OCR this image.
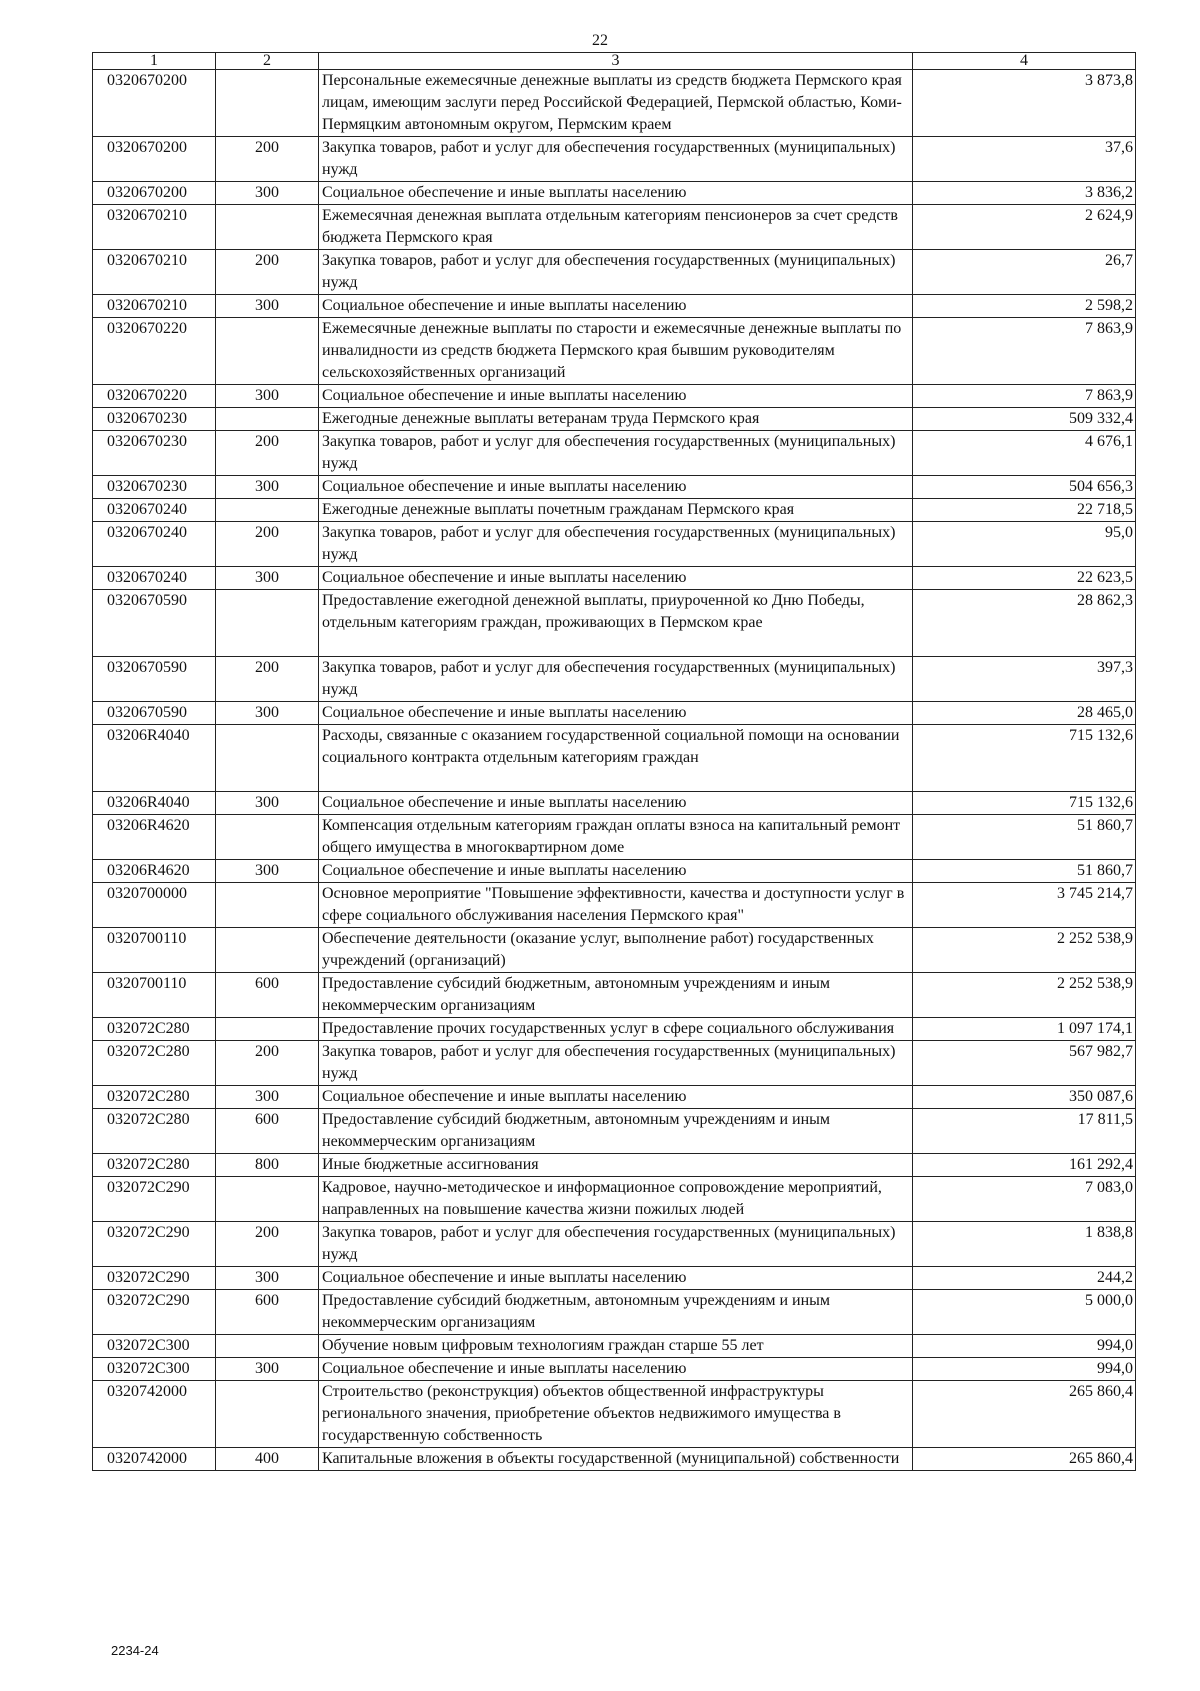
22
1	2	3	4
0320670200		Персональные ежемесячные денежные выплаты из средств бюджета Пермского края лицам, имеющим заслуги перед Российской Федерацией, Пермской областью, Коми-Пермяцким автономным округом, Пермским краем	3 873,8
0320670200	200	Закупка товаров, работ и услуг для обеспечения государственных (муниципальных) нужд	37,6
0320670200	300	Социальное обеспечение и иные выплаты населению	3 836,2
0320670210		Ежемесячная денежная выплата отдельным категориям пенсионеров за счет средств бюджета Пермского края	2 624,9
0320670210	200	Закупка товаров, работ и услуг для обеспечения государственных (муниципальных) нужд	26,7
0320670210	300	Социальное обеспечение и иные выплаты населению	2 598,2
0320670220		Ежемесячные денежные выплаты по старости и ежемесячные денежные выплаты по инвалидности из средств бюджета Пермского края бывшим руководителям сельскохозяйственных организаций	7 863,9
0320670220	300	Социальное обеспечение и иные выплаты населению	7 863,9
0320670230		Ежегодные денежные выплаты ветеранам труда Пермского края	509 332,4
0320670230	200	Закупка товаров, работ и услуг для обеспечения государственных (муниципальных) нужд	4 676,1
0320670230	300	Социальное обеспечение и иные выплаты населению	504 656,3
0320670240		Ежегодные денежные выплаты почетным гражданам Пермского края	22 718,5
0320670240	200	Закупка товаров, работ и услуг для обеспечения государственных (муниципальных) нужд	95,0
0320670240	300	Социальное обеспечение и иные выплаты населению	22 623,5
0320670590		Предоставление ежегодной денежной выплаты, приуроченной ко Дню Победы, отдельным категориям граждан, проживающих в Пермском крае	28 862,3
0320670590	200	Закупка товаров, работ и услуг для обеспечения государственных (муниципальных) нужд	397,3
0320670590	300	Социальное обеспечение и иные выплаты населению	28 465,0
03206R4040		Расходы, связанные с оказанием государственной социальной помощи на основании социального контракта отдельным категориям граждан	715 132,6
03206R4040	300	Социальное обеспечение и иные выплаты населению	715 132,6
03206R4620		Компенсация отдельным категориям граждан оплаты взноса на капитальный ремонт общего имущества в многоквартирном доме	51 860,7
03206R4620	300	Социальное обеспечение и иные выплаты населению	51 860,7
0320700000		Основное мероприятие "Повышение эффективности, качества и доступности услуг в сфере социального обслуживания населения Пермского края"	3 745 214,7
0320700110		Обеспечение деятельности (оказание услуг, выполнение работ) государственных учреждений (организаций)	2 252 538,9
0320700110	600	Предоставление субсидий бюджетным, автономным учреждениям и иным некоммерческим организациям	2 252 538,9
032072С280		Предоставление прочих государственных услуг в сфере социального обслуживания	1 097 174,1
032072С280	200	Закупка товаров, работ и услуг для обеспечения государственных (муниципальных) нужд	567 982,7
032072С280	300	Социальное обеспечение и иные выплаты населению	350 087,6
032072С280	600	Предоставление субсидий бюджетным, автономным учреждениям и иным некоммерческим организациям	17 811,5
032072С280	800	Иные бюджетные ассигнования	161 292,4
032072С290		Кадровое, научно-методическое и информационное сопровождение мероприятий, направленных на повышение качества жизни пожилых людей	7 083,0
032072С290	200	Закупка товаров, работ и услуг для обеспечения государственных (муниципальных) нужд	1 838,8
032072С290	300	Социальное обеспечение и иные выплаты населению	244,2
032072С290	600	Предоставление субсидий бюджетным, автономным учреждениям и иным некоммерческим организациям	5 000,0
032072С300		Обучение новым цифровым технологиям граждан старше 55 лет	994,0
032072С300	300	Социальное обеспечение и иные выплаты населению	994,0
0320742000		Строительство (реконструкция) объектов общественной инфраструктуры регионального значения, приобретение объектов недвижимого имущества в государственную собственность	265 860,4
0320742000	400	Капитальные вложения в объекты государственной (муниципальной) собственности	265 860,4
2234-24
